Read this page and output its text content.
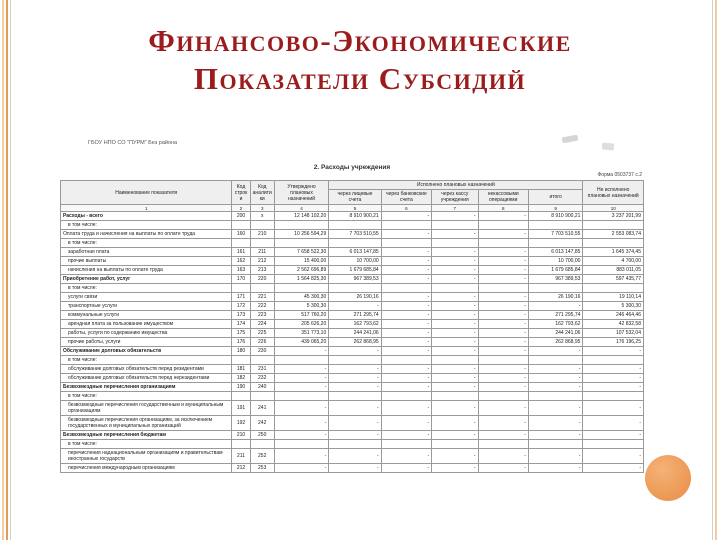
Финансово-Экономические
Показатели Субсидий
ГБОУ НПО СО "ПУРМ" Без района
2. Расходы учреждения
Форма 0503737 с.2
Наименование показателя	Код строки	Код аналитики	Утверждено плановых назначений	Исполнено плановых назначений					Не исполнено плановых назначений
				через лицевые счета	через банковские счета	через кассу учреждения	некассовыми операциями	итого	
1	2	3	4	5	6	7	8	9	10
Расходы - всего	200	x	12 148 102,20	8 910 900,21	-	-	-	8 910 900,21	3 237 201,99
в том числе:									
Оплата труда и начисления на выплаты по оплате труда	160	210	10 256 594,29	7 703 510,55	-	-	-	7 703 510,55	2 553 083,74
в том числе:									
заработная плата	161	211	7 658 522,30	6 013 147,85	-	-	-	6 013 147,85	1 645 374,45
прочие выплаты	162	212	15 400,00	10 700,00	-	-	-	10 700,00	4 700,00
начисления на выплаты по оплате труда	163	213	2 562 696,89	1 679 685,84	-	-	-	1 679 685,84	883 011,05
Приобретение работ, услуг	170	220	1 564 825,30	967 389,53	-	-	-	967 389,53	597 435,77
в том числе:									
услуги связи	171	221	45 300,30	26 190,16	-	-	-	26 190,16	19 110,14
транспортные услуги	172	222	5 300,30	-	-	-	-	-	5 300,30
коммунальные услуги	173	223	517 760,20	271 295,74	-	-	-	271 295,74	246 464,46
арендная плата за пользование имуществом	174	224	205 626,20	162 793,62	-	-	-	162 793,62	42 832,58
работы, услуги по содержанию имущества	175	225	351 773,10	244 241,06	-	-	-	244 241,06	107 532,04
прочие работы, услуги	176	226	439 065,20	262 868,95	-	-	-	262 868,95	176 196,25
Обслуживание долговых обязательств	180	230	-	-	-	-	-	-	-
в том числе:									
обслуживание долговых обязательств перед резидентами	181	231	-	-	-	-	-	-	-
обслуживание долговых обязательств перед нерезидентами	182	232	-	-	-	-	-	-	-
Безвозмездные перечисления организациям	190	240	-	-	-	-	-	-	-
в том числе:									
безвозмездные перечисления государственным и муниципальным организациям	191	241	-	-	-	-	-	-	-
безвозмездные перечисления организациям, за исключением государственных и муниципальных организаций	192	242	-	-	-	-	-	-	-
Безвозмездные перечисления бюджетам	210	250	-	-	-	-	-	-	-
в том числе:									
перечисления наднациональным организациям и правительствам иностранных государств	211	252	-	-	-	-	-	-	-
перечисления международным организациям	212	253	-	-	-	-	-	-	-
